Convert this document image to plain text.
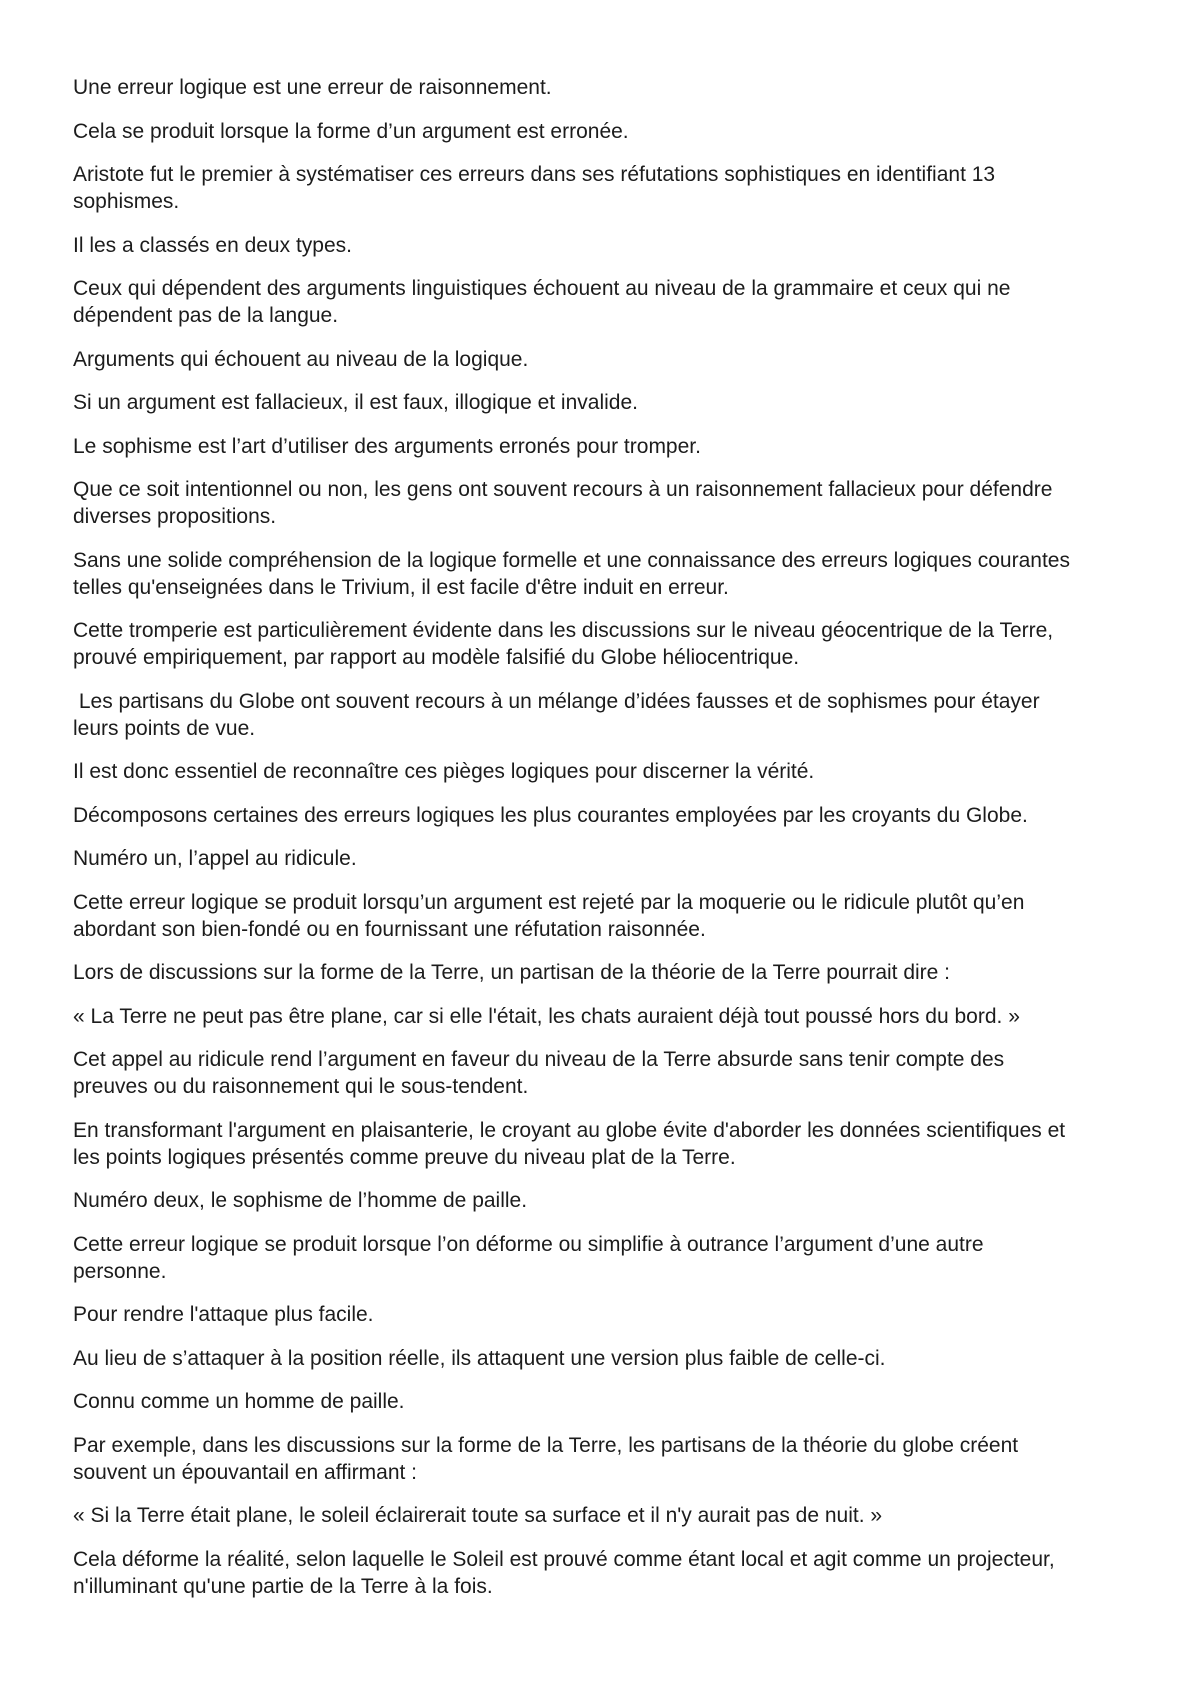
Une erreur logique est une erreur de raisonnement.

Cela se produit lorsque la forme d’un argument est erronée.

Aristote fut le premier à systématiser ces erreurs dans ses réfutations sophistiques en identifiant 13
sophismes.

Il les a classés en deux types.

Ceux qui dépendent des arguments linguistiques échouent au niveau de la grammaire et ceux qui ne
dépendent pas de la langue.

Arguments qui échouent au niveau de la logique.

Si un argument est fallacieux, il est faux, illogique et invalide.

Le sophisme est l’art d’utiliser des arguments erronés pour tromper.

Que ce soit intentionnel ou non, les gens ont souvent recours à un raisonnement fallacieux pour défendre
diverses propositions.

Sans une solide compréhension de la logique formelle et une connaissance des erreurs logiques courantes
telles qu'enseignées dans le Trivium, il est facile d'être induit en erreur.

Cette tromperie est particulièrement évidente dans les discussions sur le niveau géocentrique de la Terre,
prouvé empiriquement, par rapport au modèle falsifié du Globe héliocentrique.

Les partisans du Globe ont souvent recours à un mélange d’idées fausses et de sophismes pour étayer
leurs points de vue.

Il est donc essentiel de reconnaître ces pièges logiques pour discerner la vérité.

Décomposons certaines des erreurs logiques les plus courantes employées par les croyants du Globe.

Numéro un, l’appel au ridicule.

Cette erreur logique se produit lorsqu’un argument est rejeté par la moquerie ou le ridicule plutôt qu’en
abordant son bien-fondé ou en fournissant une réfutation raisonnée.

Lors de discussions sur la forme de la Terre, un partisan de la théorie de la Terre pourrait dire :

« La Terre ne peut pas être plane, car si elle l'était, les chats auraient déjà tout poussé hors du bord. »

Cet appel au ridicule rend l’argument en faveur du niveau de la Terre absurde sans tenir compte des
preuves ou du raisonnement qui le sous-tendent.

En transformant l'argument en plaisanterie, le croyant au globe évite d'aborder les données scientifiques et
les points logiques présentés comme preuve du niveau plat de la Terre.

Numéro deux, le sophisme de l’homme de paille.

Cette erreur logique se produit lorsque l’on déforme ou simplifie à outrance l’argument d’une autre
personne.

Pour rendre l'attaque plus facile.

Au lieu de s’attaquer à la position réelle, ils attaquent une version plus faible de celle-ci.

Connu comme un homme de paille.

Par exemple, dans les discussions sur la forme de la Terre, les partisans de la théorie du globe créent
souvent un épouvantail en affirmant :

« Si la Terre était plane, le soleil éclairerait toute sa surface et il n'y aurait pas de nuit. »

Cela déforme la réalité, selon laquelle le Soleil est prouvé comme étant local et agit comme un projecteur,
n'illuminant qu'une partie de la Terre à la fois.
